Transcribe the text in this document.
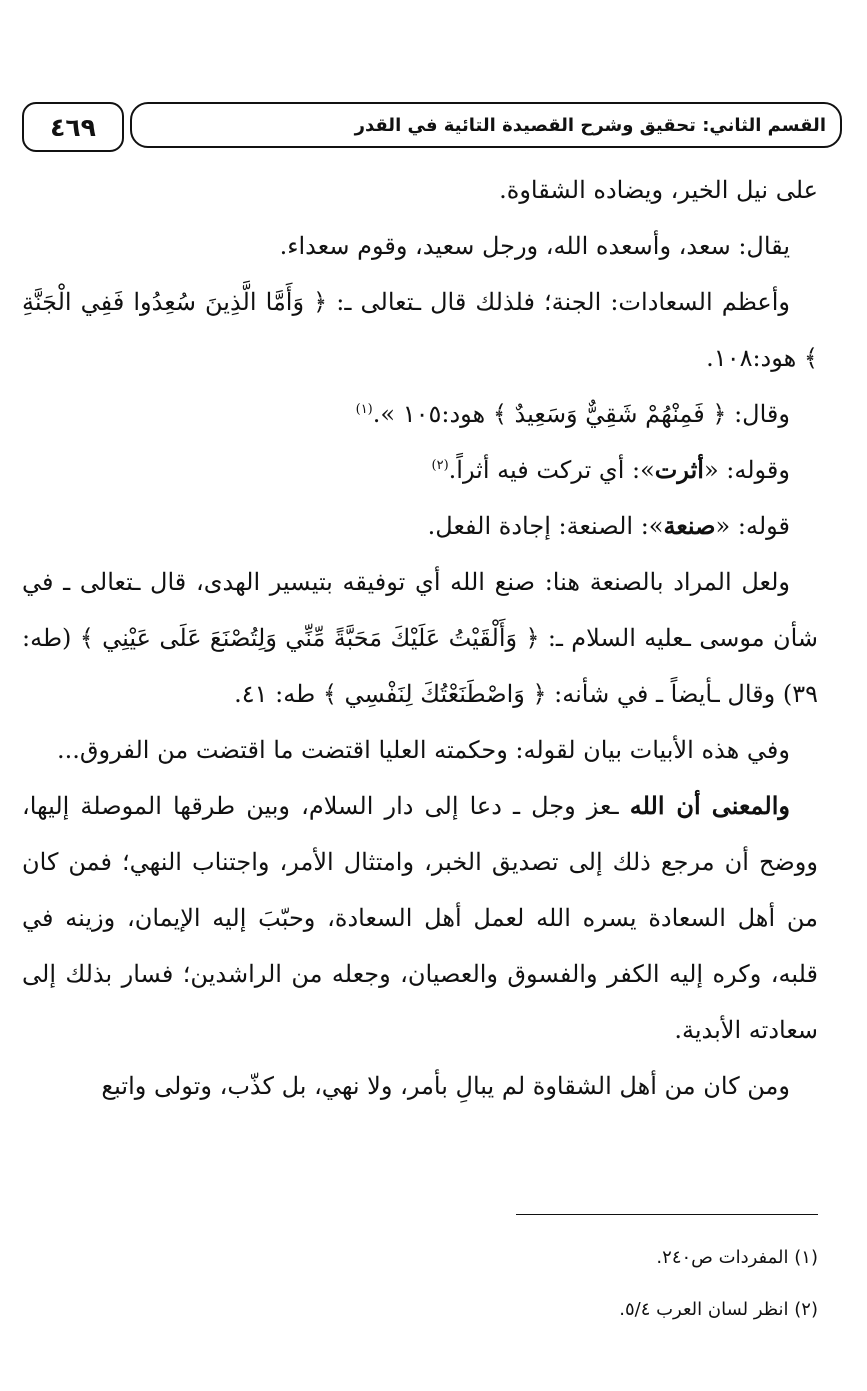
٤٦٩	القسم الثاني: تحقيق وشرح القصيدة التائية في القدر

على نيل الخير، ويضاده الشقاوة.

يقال: سعد، وأسعده الله، ورجل سعيد، وقوم سعداء.

وأعظم السعادات: الجنة؛ فلذلك قال ـتعالى ـ: ﴿ وَأَمَّا الَّذِينَ سُعِدُوا فَفِي الْجَنَّةِ ﴾ هود:١٠٨.

وقال: ﴿ فَمِنْهُمْ شَقِيٌّ وَسَعِيدٌ ﴾ هود:١٠٥ ».$^{(١)}$

وقوله: «أثرت»: أي تركت فيه أثراً.$^{(٢)}$

قوله: «صنعة»: الصنعة: إجادة الفعل.

ولعل المراد بالصنعة هنا: صنع الله أي توفيقه بتيسير الهدى، قال ـتعالى ـ في شأن موسى ـعليه السلام ـ: ﴿ وَأَلْقَيْتُ عَلَيْكَ مَحَبَّةً مِّنِّي وَلِتُصْنَعَ عَلَى عَيْنِي ﴾ (طه: ٣٩) وقال ـأيضاً ـ في شأنه: ﴿ وَاصْطَنَعْتُكَ لِنَفْسِي ﴾ طه: ٤١.

وفي هذه الأبيات بيان لقوله: وحكمته العليا اقتضت ما اقتضت من الفروق...

والمعنى أن الله ـعز وجل ـ دعا إلى دار السلام، وبين طرقها الموصلة إليها، ووضح أن مرجع ذلك إلى تصديق الخبر، وامتثال الأمر، واجتناب النهي؛ فمن كان من أهل السعادة يسره الله لعمل أهل السعادة، وحبّبَ إليه الإيمان، وزينه في قلبه، وكره إليه الكفر والفسوق والعصيان، وجعله من الراشدين؛ فسار بذلك إلى سعادته الأبدية.

ومن كان من أهل الشقاوة لم يبالِ بأمر، ولا نهي، بل كذّب، وتولى واتبع

(١) المفردات ص٢٤٠.

(٢) انظر لسان العرب ٥/٤.
